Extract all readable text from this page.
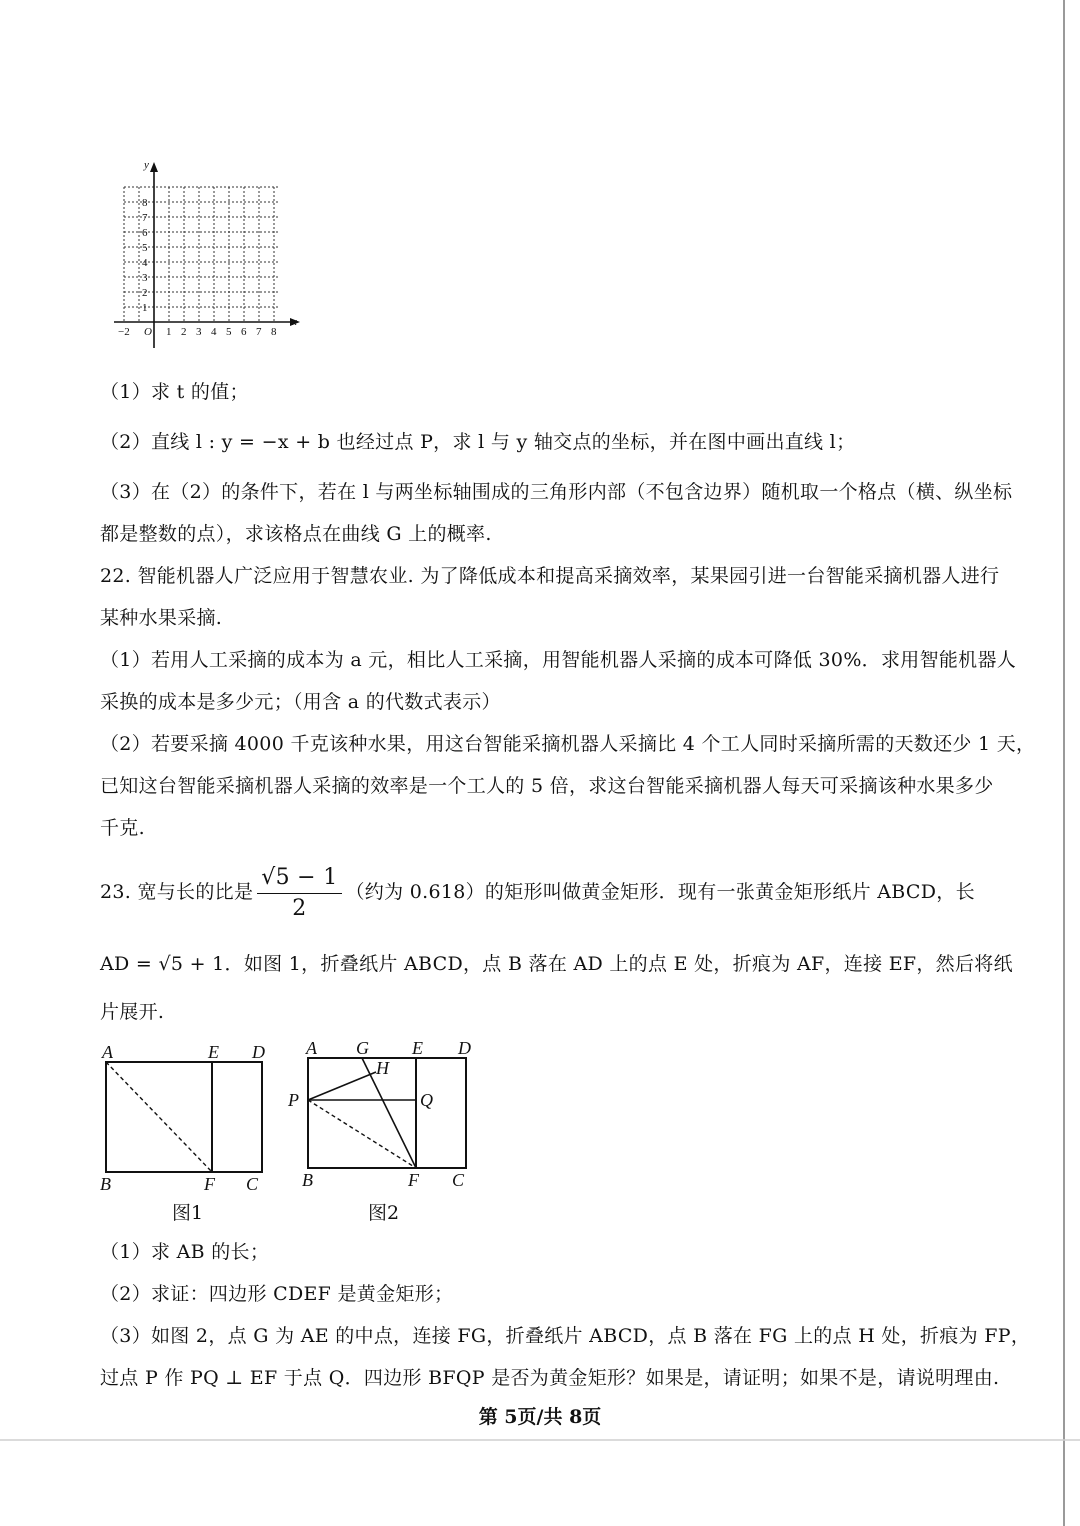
y
x
1
2
3
4
5
6
7
8
1 2 3 4 5 6 7 8
−2 O
（1）求 t 的值；
（2）直线 l : y = −x + b 也经过点 P，求 l 与 y 轴交点的坐标，并在图中画出直线 l；
（3）在（2）的条件下，若在 l 与两坐标轴围成的三角形内部（不包含边界）随机取一个格点（横、纵坐标
都是整数的点），求该格点在曲线 G 上的概率.
22. 智能机器人广泛应用于智慧农业. 为了降低成本和提高采摘效率，某果园引进一台智能采摘机器人进行
某种水果采摘.
（1）若用人工采摘的成本为 a 元，相比人工采摘，用智能机器人采摘的成本可降低 30%．求用智能机器人
采换的成本是多少元；（用含 a 的代数式表示）
（2）若要采摘 4000 千克该种水果，用这台智能采摘机器人采摘比 4 个工人同时采摘所需的天数还少 1 天，
已知这台智能采摘机器人采摘的效率是一个工人的 5 倍，求这台智能采摘机器人每天可采摘该种水果多少
千克.
23. 宽与长的比是 $\frac{√5 - 1}{2}$ （约为 0.618）的矩形叫做黄金矩形．现有一张黄金矩形纸片 ABCD，长
AD = √5 + 1．如图 1，折叠纸片 ABCD，点 B 落在 AD 上的点 E 处，折痕为 AF，连接 EF，然后将纸
片展开.
A	E D
B	F C
图1
A G E D
H
P	Q
B	F C
图2
（1）求 AB 的长；
（2）求证：四边形 CDEF 是黄金矩形；
（3）如图 2，点 G 为 AE 的中点，连接 FG，折叠纸片 ABCD，点 B 落在 FG 上的点 H 处，折痕为 FP，
过点 P 作 PQ ⊥ EF 于点 Q．四边形 BFQP 是否为黄金矩形？如果是，请证明；如果不是，请说明理由.
第 5页/共 8页
